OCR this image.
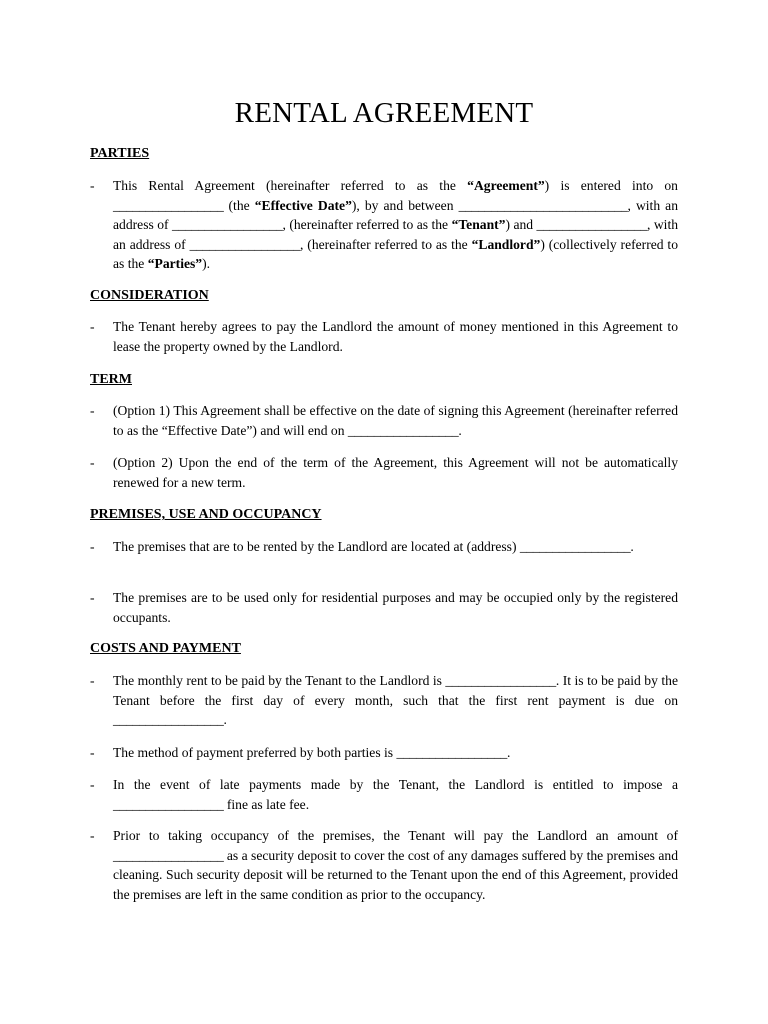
RENTAL AGREEMENT
PARTIES
- This Rental Agreement (hereinafter referred to as the “Agreement”) is entered into on _________________ (the “Effective Date”), by and between __________________________, with an address of _________________, (hereinafter referred to as the “Tenant”) and _________________, with an address of _________________, (hereinafter referred to as the “Landlord”) (collectively referred to as the “Parties”).
CONSIDERATION
- The Tenant hereby agrees to pay the Landlord the amount of money mentioned in this Agreement to lease the property owned by the Landlord.
TERM
- (Option 1) This Agreement shall be effective on the date of signing this Agreement (hereinafter referred to as the “Effective Date”) and will end on _________________.
- (Option 2) Upon the end of the term of the Agreement, this Agreement will not be automatically renewed for a new term.
PREMISES, USE AND OCCUPANCY
- The premises that are to be rented by the Landlord are located at (address) _________________.
- The premises are to be used only for residential purposes and may be occupied only by the registered occupants.
COSTS AND PAYMENT
- The monthly rent to be paid by the Tenant to the Landlord is _________________. It is to be paid by the Tenant before the first day of every month, such that the first rent payment is due on _________________.
- The method of payment preferred by both parties is _________________.
- In the event of late payments made by the Tenant, the Landlord is entitled to impose a _________________ fine as late fee.
- Prior to taking occupancy of the premises, the Tenant will pay the Landlord an amount of _________________ as a security deposit to cover the cost of any damages suffered by the premises and cleaning. Such security deposit will be returned to the Tenant upon the end of this Agreement, provided the premises are left in the same condition as prior to the occupancy.
